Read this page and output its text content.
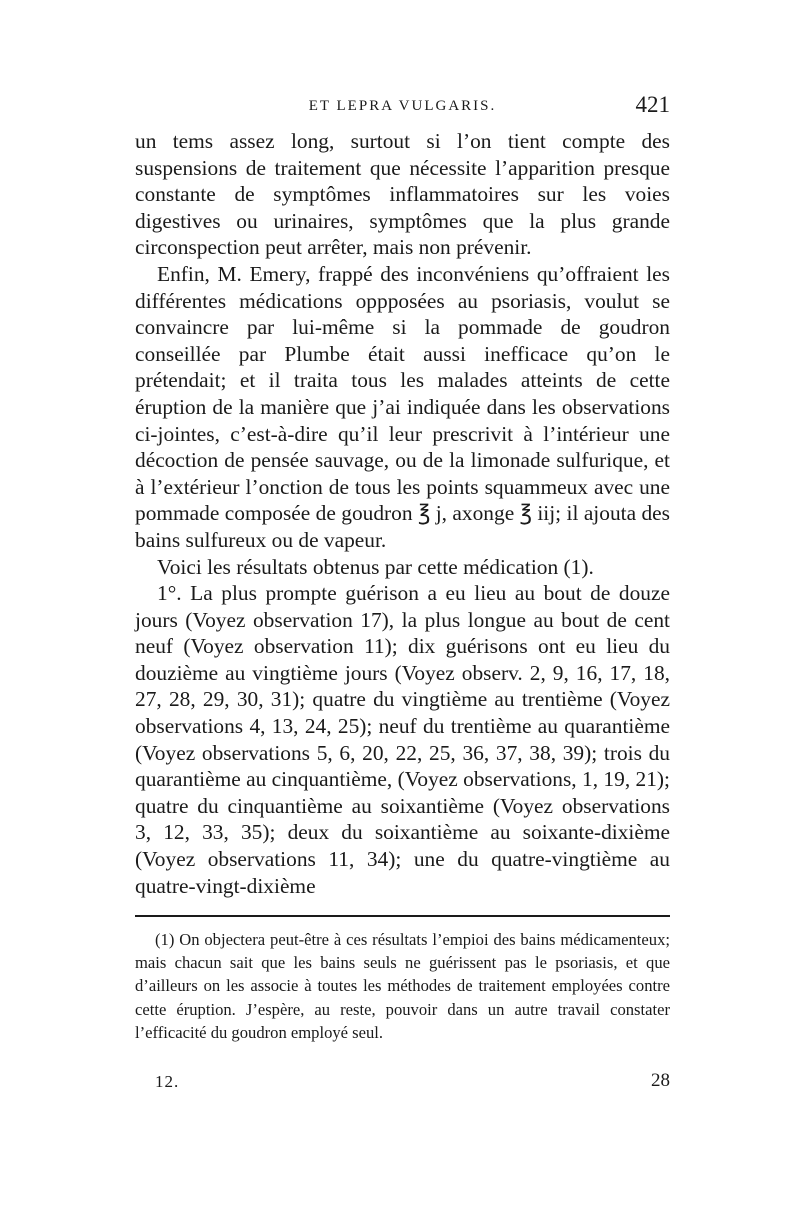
ET LEPRA VULGARIS.	421

un tems assez long, surtout si l’on tient compte des suspensions de traitement que nécessite l’apparition presque constante de symptômes inflammatoires sur les voies digestives ou urinaires, symptômes que la plus grande circonspection peut arrêter, mais non prévenir.

Enfin, M. Emery, frappé des inconvéniens qu’offraient les différentes médications oppposées au psoriasis, voulut se convaincre par lui-même si la pommade de goudron conseillée par Plumbe était aussi inefficace qu’on le prétendait; et il traita tous les malades atteints de cette éruption de la manière que j’ai indiquée dans les observations ci-jointes, c’est-à-dire qu’il leur prescrivit à l’intérieur une décoction de pensée sauvage, ou de la limonade sulfurique, et à l’extérieur l’onction de tous les points squammeux avec une pommade composée de goudron ℥ j, axonge ℥ iij; il ajouta des bains sulfureux ou de vapeur.

Voici les résultats obtenus par cette médication (1).

1°. La plus prompte guérison a eu lieu au bout de douze jours (Voyez observation 17), la plus longue au bout de cent neuf (Voyez observation 11); dix guérisons ont eu lieu du douzième au vingtième jours (Voyez observ. 2, 9, 16, 17, 18, 27, 28, 29, 30, 31); quatre du vingtième au trentième (Voyez observations 4, 13, 24, 25); neuf du trentième au quarantième (Voyez observations 5, 6, 20, 22, 25, 36, 37, 38, 39); trois du quarantième au cinquantième, (Voyez observations, 1, 19, 21); quatre du cinquantième au soixantième (Voyez observations 3, 12, 33, 35); deux du soixantième au soixante-dixième (Voyez observations 11, 34); une du quatre-vingtième au quatre-vingt-dixième

(1) On objectera peut-être à ces résultats l’empioi des bains médicamenteux; mais chacun sait que les bains seuls ne guérissent pas le psoriasis, et que d’ailleurs on les associe à toutes les méthodes de traitement employées contre cette éruption. J’espère, au reste, pouvoir dans un autre travail constater l’efficacité du goudron employé seul.

12.	28
